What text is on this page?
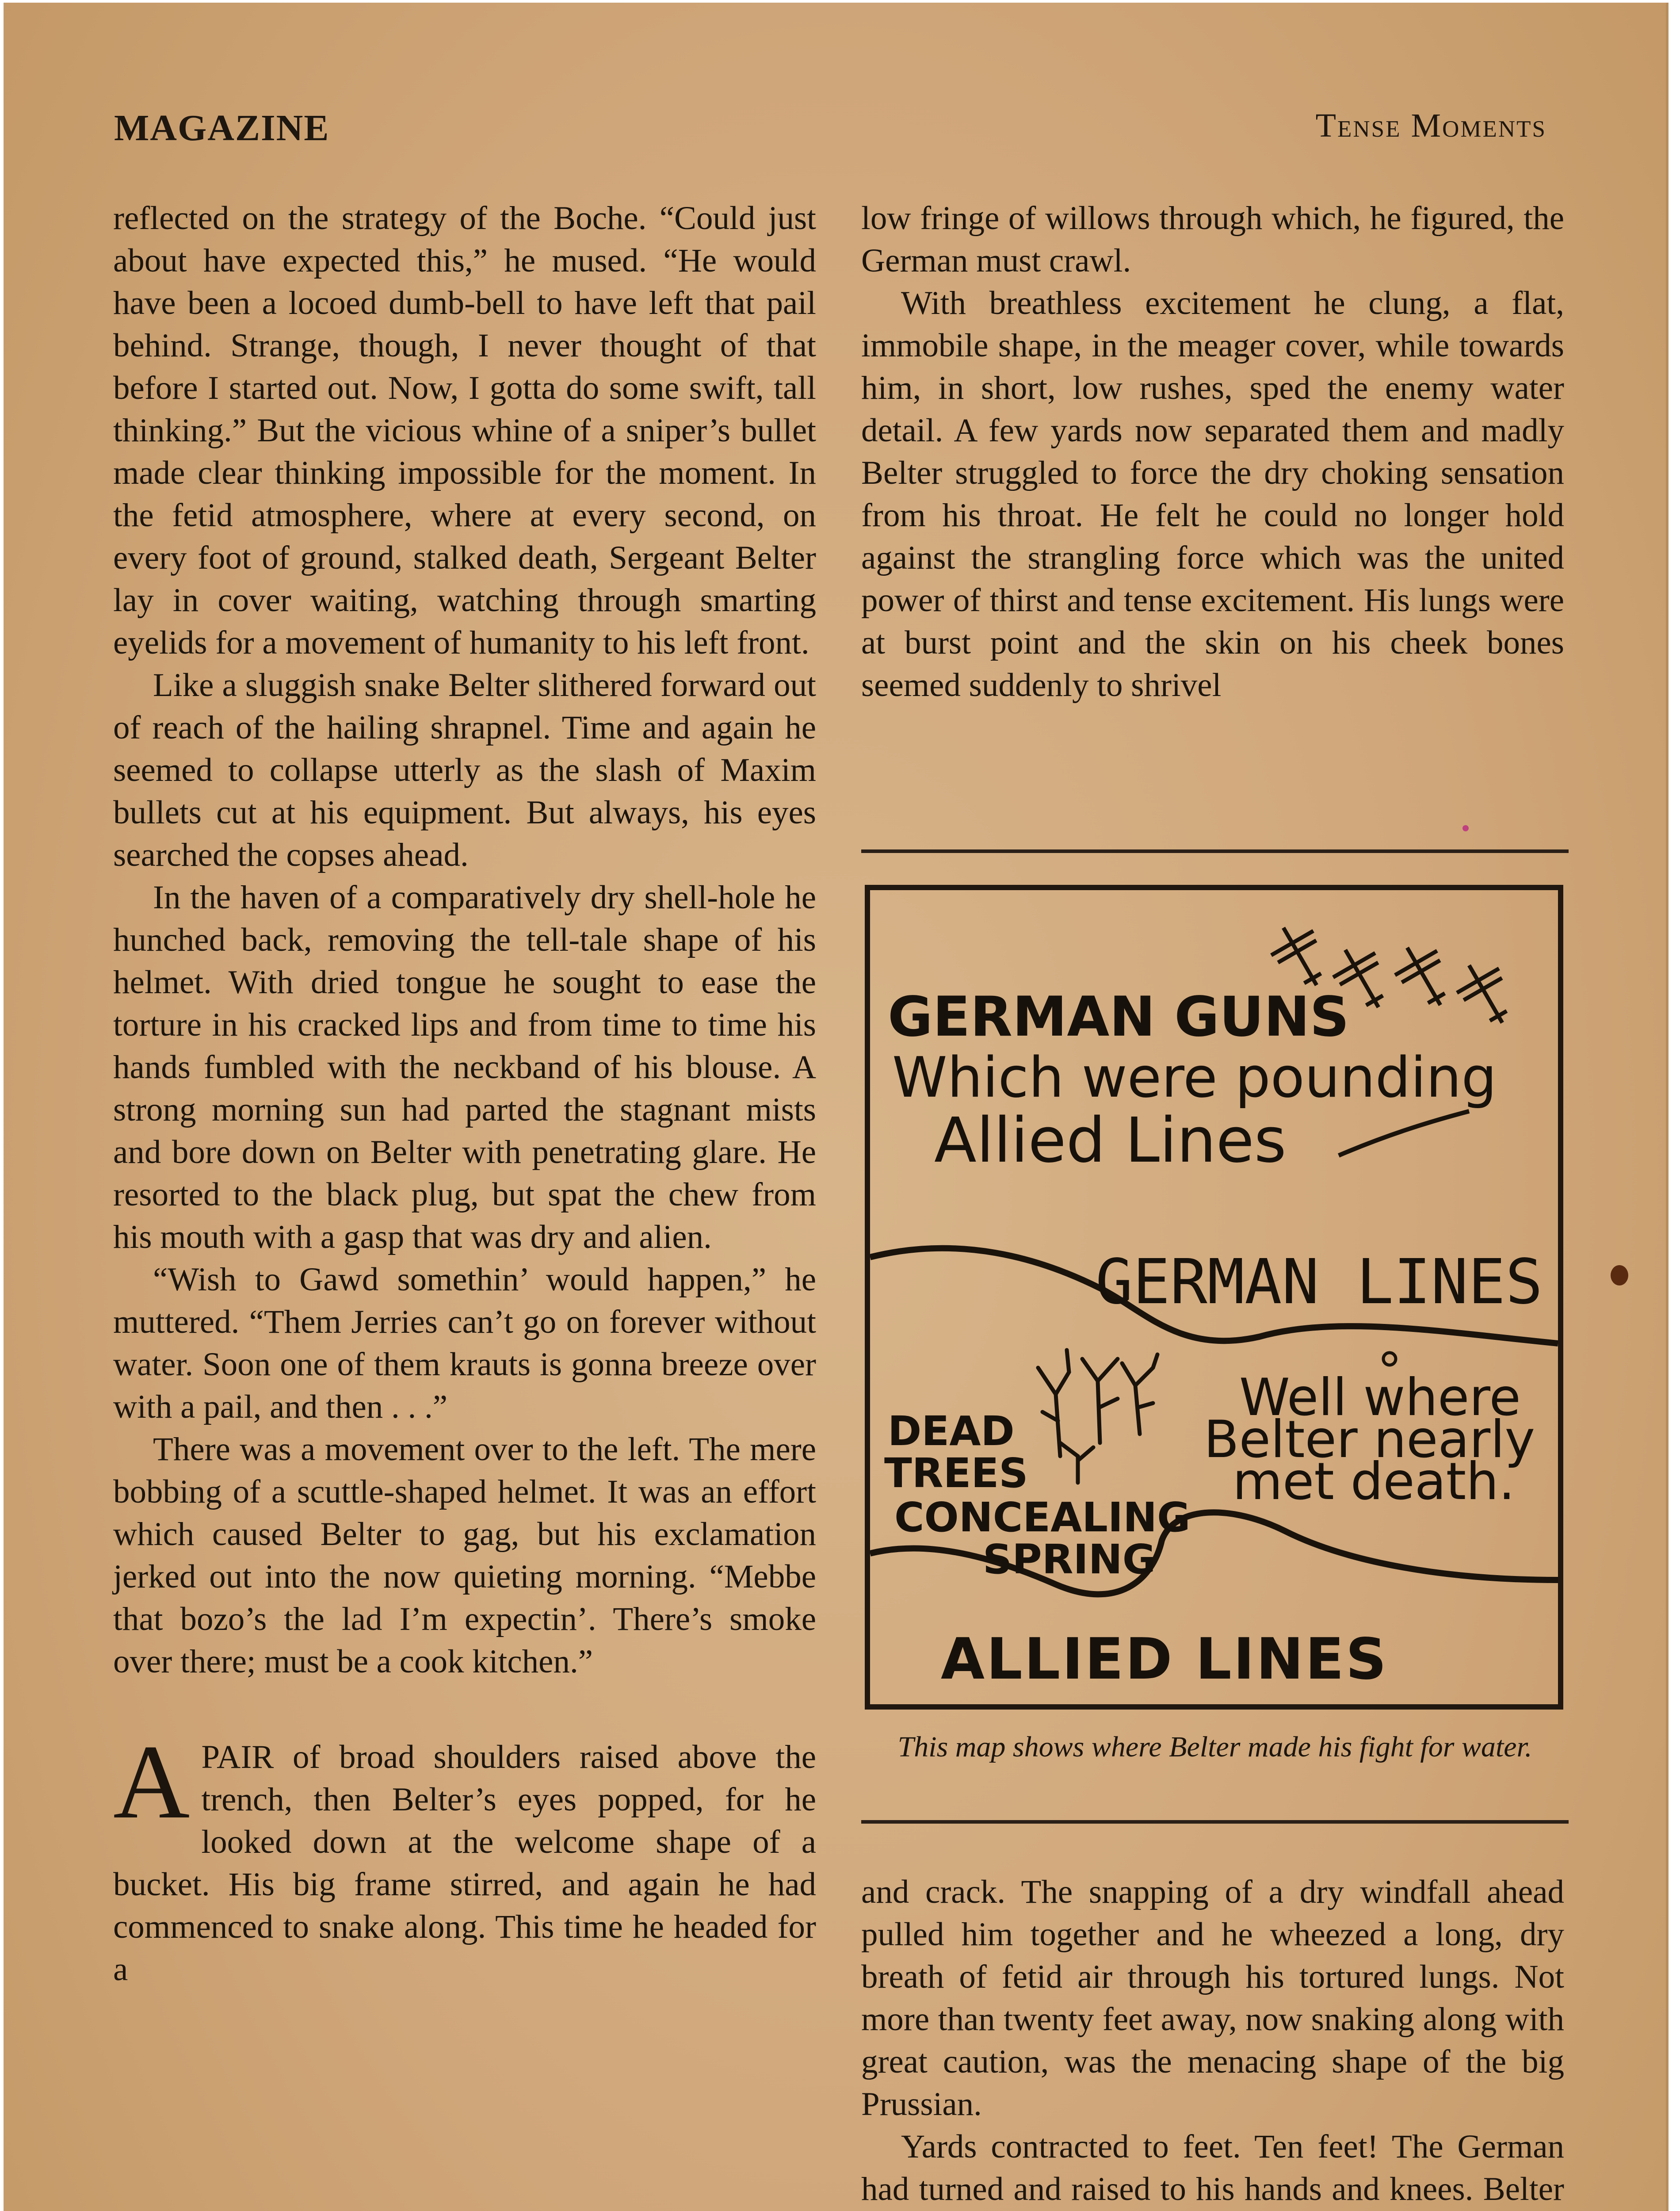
MAGAZINE	Tense Moments

reflected on the strategy of the Boche. “Could just about have expected this,” he mused. “He would have been a locoed dumb-bell to have left that pail behind. Strange, though, I never thought of that before I started out. Now, I gotta do some swift, tall thinking.” But the vicious whine of a sniper’s bullet made clear thinking impossible for the moment. In the fetid atmosphere, where at every second, on every foot of ground, stalked death, Sergeant Belter lay in cover waiting, watching through smarting eyelids for a movement of humanity to his left front.

Like a sluggish snake Belter slithered forward out of reach of the hailing shrapnel. Time and again he seemed to collapse utterly as the slash of Maxim bullets cut at his equipment. But always, his eyes searched the copses ahead.

In the haven of a comparatively dry shell-hole he hunched back, removing the tell-tale shape of his helmet. With dried tongue he sought to ease the torture in his cracked lips and from time to time his hands fumbled with the neckband of his blouse. A strong morning sun had parted the stagnant mists and bore down on Belter with penetrating glare. He resorted to the black plug, but spat the chew from his mouth with a gasp that was dry and alien.

“Wish to Gawd somethin’ would happen,” he muttered. “Them Jerries can’t go on forever without water. Soon one of them krauts is gonna breeze over with a pail, and then . . .”

There was a movement over to the left. The mere bobbing of a scuttle-shaped helmet. It was an effort which caused Belter to gag, but his exclamation jerked out into the now quieting morning. “Mebbe that bozo’s the lad I’m expectin’. There’s smoke over there; must be a cook kitchen.”

APAIR of broad shoulders raised above the trench, then Belter’s eyes popped, for he looked down at the welcome shape of a bucket. His big frame stirred, and again he had commenced to snake along. This time he headed for a

low fringe of willows through which, he figured, the German must crawl.

With breathless excitement he clung, a flat, immobile shape, in the meager cover, while towards him, in short, low rushes, sped the enemy water detail. A few yards now separated them and madly Belter struggled to force the dry choking sensation from his throat. He felt he could no longer hold against the strangling force which was the united power of thirst and tense excitement. His lungs were at burst point and the skin on his cheek bones seemed suddenly to shrivel

GERMAN GUNS
Which were pounding
Allied Lines
GERMAN LINES
Well where
Belter nearly
met death.
DEAD
TREES
CONCEALING
SPRING
ALLIED LINES
This map shows where Belter made his fight for water.

and crack. The snapping of a dry windfall ahead pulled him together and he wheezed a long, dry breath of fetid air through his tortured lungs. Not more than twenty feet away, now snaking along with great caution, was the menacing shape of the big Prussian.

Yards contracted to feet. Ten feet! The German had turned and raised to his hands and knees. Belter
